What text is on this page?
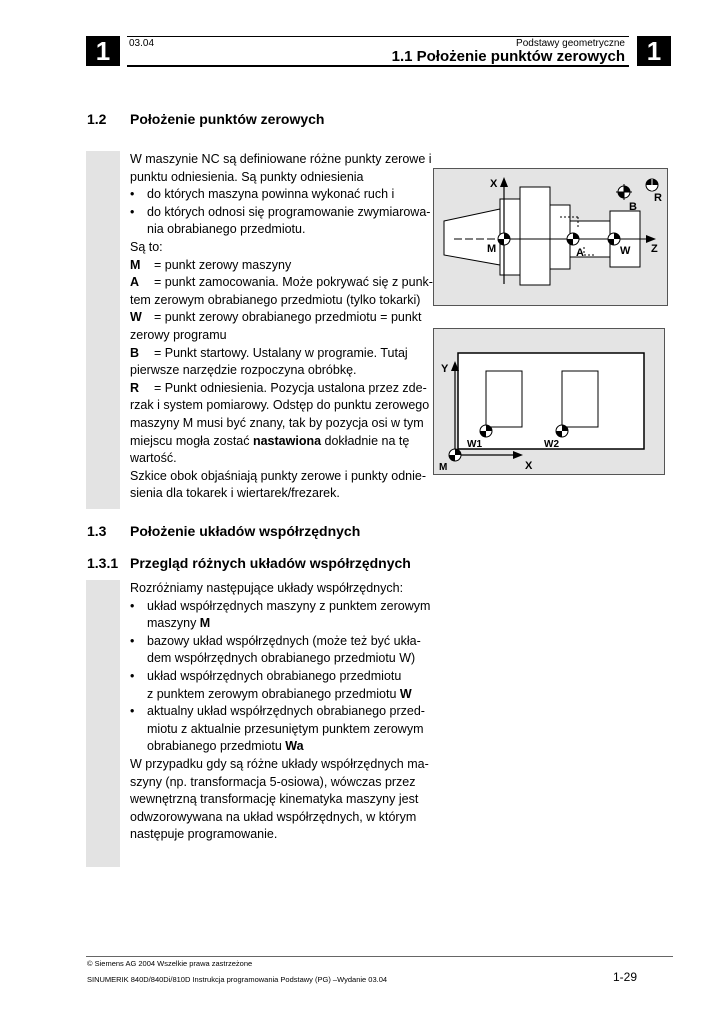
1	1
03.04	Podstawy geometryczne
1.1 Położenie punktów zerowych
1.2 Położenie punktów zerowych
W maszynie NC są definiowane różne punkty zerowe i
punktu odniesienia. Są punkty odniesienia
• do których maszyna powinna wykonać ruch i
• do których odnosi się programowanie zwymiarowa-
nia obrabianego przedmiotu.
Są to:
M = punkt zerowy maszyny
A = punkt zamocowania. Może pokrywać się z punk-
tem zerowym obrabianego przedmiotu (tylko tokarki)
W = punkt zerowy obrabianego przedmiotu = punkt
zerowy programu
B = Punkt startowy. Ustalany w programie. Tutaj
pierwsze narzędzie rozpoczyna obróbkę.
R = Punkt odniesienia. Pozycja ustalona przez zde-
rzak i system pomiarowy. Odstęp do punktu zerowego
maszyny M musi być znany, tak by pozycja osi w tym
miejscu mogła zostać nastawiona dokładnie na tę
wartość.
Szkice obok objaśniają punkty zerowe i punkty odnie-
sienia dla tokarek i wiertarek/frezarek.
X
Z
M	A	W
B
R
Y
X
M
W1	W2
1.3 Położenie układów współrzędnych
1.3.1 Przegląd różnych układów współrzędnych
Rozróżniamy następujące układy współrzędnych:
• układ współrzędnych maszyny z punktem zerowym
maszyny M
• bazowy układ współrzędnych (może też być ukła-
dem współrzędnych obrabianego przedmiotu W)
• układ współrzędnych obrabianego przedmiotu
z punktem zerowym obrabianego przedmiotu W
• aktualny układ współrzędnych obrabianego przed-
miotu z aktualnie przesuniętym punktem zerowym
obrabianego przedmiotu Wa
W przypadku gdy są różne układy współrzędnych ma-
szyny (np. transformacja 5-osiowa), wówczas przez
wewnętrzną transformację kinematyka maszyny jest
odwzorowywana na układ współrzędnych, w którym
następuje programowanie.
© Siemens AG 2004 Wszelkie prawa zastrzeżone
SINUMERIK 840D/840Di/810D Instrukcja programowania Podstawy (PG) –Wydanie 03.04	1-29
